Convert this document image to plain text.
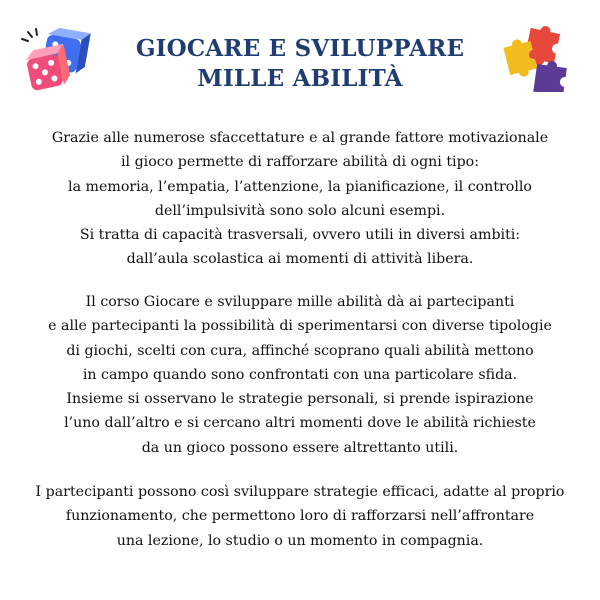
GIOCARE E SVILUPPARE
MILLE ABILITÀ
Grazie alle numerose sfaccettature e al grande fattore motivazionale
il gioco permette di rafforzare abilità di ogni tipo:
la memoria, l’empatia, l’attenzione, la pianificazione, il controllo
dell’impulsività sono solo alcuni esempi.
Si tratta di capacità trasversali, ovvero utili in diversi ambiti:
dall’aula scolastica ai momenti di attività libera.
Il corso Giocare e sviluppare mille abilità dà ai partecipanti
e alle partecipanti la possibilità di sperimentarsi con diverse tipologie
di giochi, scelti con cura, affinché scoprano quali abilità mettono
in campo quando sono confrontati con una particolare sfida.
Insieme si osservano le strategie personali, si prende ispirazione
l’uno dall’altro e si cercano altri momenti dove le abilità richieste
da un gioco possono essere altrettanto utili.
I partecipanti possono così sviluppare strategie efficaci, adatte al proprio
funzionamento, che permettono loro di rafforzarsi nell’affrontare
una lezione, lo studio o un momento in compagnia.
